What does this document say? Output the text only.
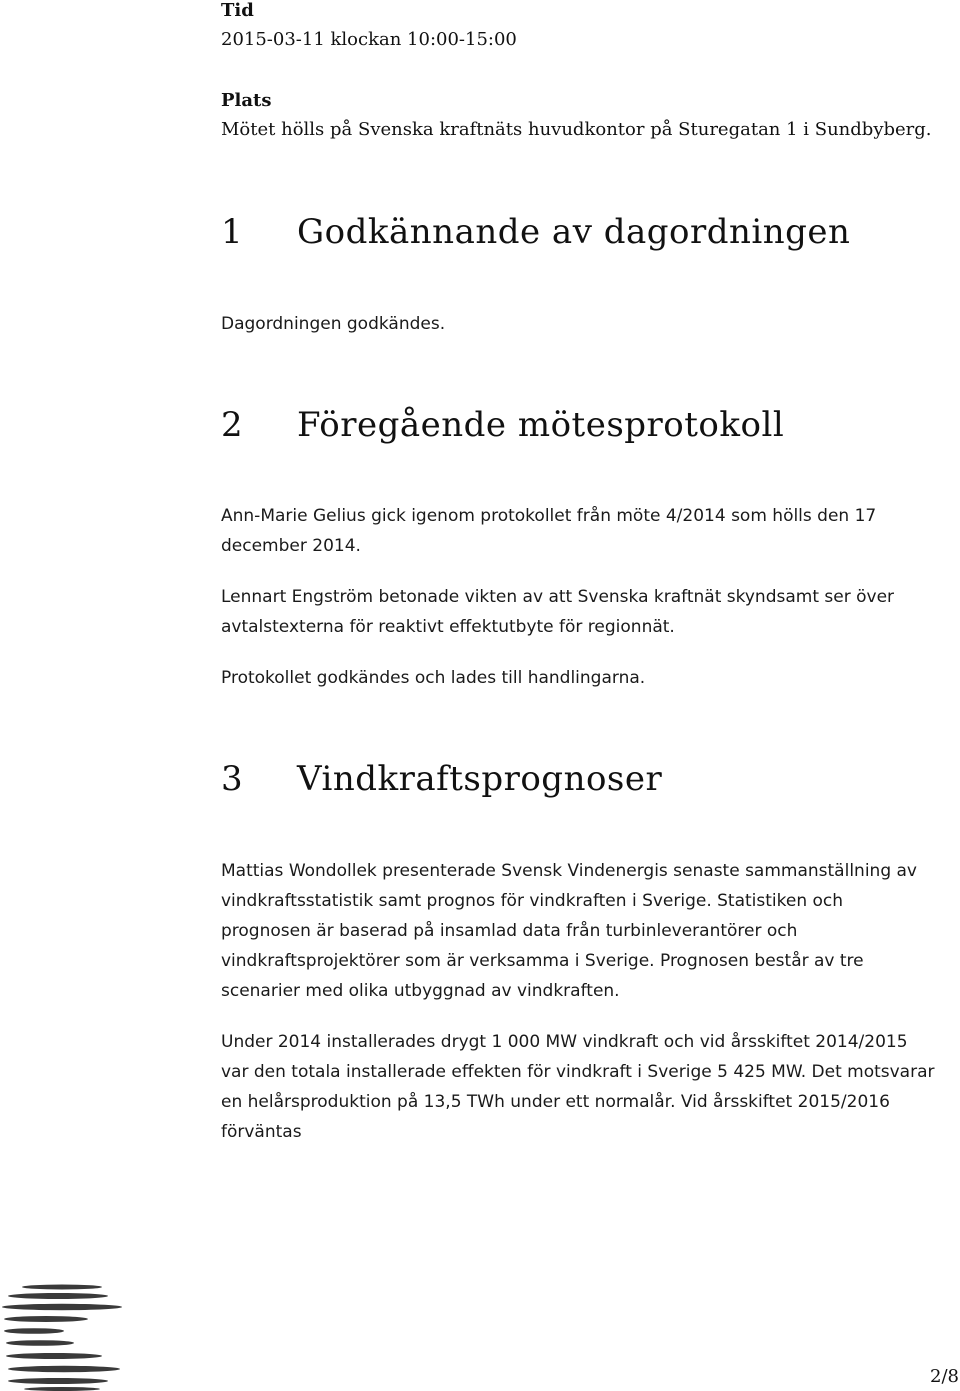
Tid
2015-03-11 klockan 10:00-15:00
Plats
Mötet hölls på Svenska kraftnäts huvudkontor på Sturegatan 1 i Sundbyberg.
1 Godkännande av dagordningen

Dagordningen godkändes.

2 Föregående mötesprotokoll

Ann-Marie Gelius gick igenom protokollet från möte 4/2014 som hölls den 17 december 2014.

Lennart Engström betonade vikten av att Svenska kraftnät skyndsamt ser över avtalstexterna för reaktivt effektutbyte för regionnät.

Protokollet godkändes och lades till handlingarna.

3 Vindkraftsprognoser

Mattias Wondollek presenterade Svensk Vindenergis senaste sammanställning av vindkraftsstatistik samt prognos för vindkraften i Sverige. Statistiken och prognosen är baserad på insamlad data från turbinleverantörer och vindkraftsprojektörer som är verksamma i Sverige. Prognosen består av tre scenarier med olika utbyggnad av vindkraften.

Under 2014 installerades drygt 1 000 MW vindkraft och vid årsskiftet 2014/2015 var den totala installerade effekten för vindkraft i Sverige 5 425 MW. Det motsvarar en helårsproduktion på 13,5 TWh under ett normalår. Vid årsskiftet 2015/2016 förväntas

2/8
